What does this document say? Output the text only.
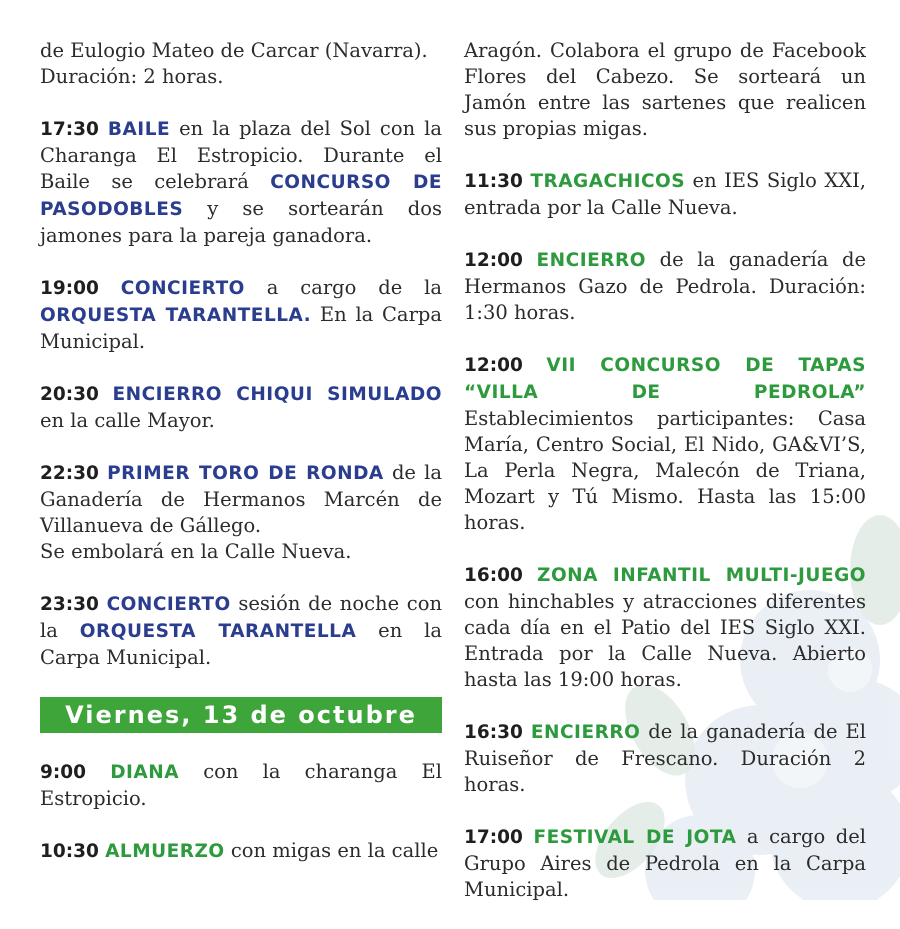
de Eulogio Mateo de Carcar (Navarra).
Duración: 2 horas.
17:30 BAILE en la plaza del Sol con la Charanga El Estropicio. Durante el Baile se celebrará CONCURSO DE PASODOBLES y se sortearán dos jamones para la pareja ganadora.
19:00 CONCIERTO a cargo de la ORQUESTA TARANTELLA. En la Carpa Municipal.
20:30 ENCIERRO CHIQUI SIMULADO en la calle Mayor.
22:30 PRIMER TORO DE RONDA de la Ganadería de Hermanos Marcén de Villanueva de Gállego.
Se embolará en la Calle Nueva.
23:30 CONCIERTO sesión de noche con la ORQUESTA TARANTELLA en la Carpa Municipal.
Viernes, 13 de octubre
9:00 DIANA con la charanga El Estropicio.
10:30 ALMUERZO con migas en la calle
Aragón. Colabora el grupo de Facebook Flores del Cabezo. Se sorteará un Jamón entre las sartenes que realicen sus propias migas.
11:30 TRAGACHICOS en IES Siglo XXI, entrada por la Calle Nueva.
12:00 ENCIERRO de la ganadería de Hermanos Gazo de Pedrola. Duración: 1:30 horas.
12:00 VII CONCURSO DE TAPAS “VILLA DE PEDROLA” Establecimientos participantes: Casa María, Centro Social, El Nido, GA&VI’S, La Perla Negra, Malecón de Triana, Mozart y Tú Mismo. Hasta las 15:00 horas.
16:00 ZONA INFANTIL MULTI-JUEGO con hinchables y atracciones diferentes cada día en el Patio del IES Siglo XXI. Entrada por la Calle Nueva. Abierto hasta las 19:00 horas.
16:30 ENCIERRO de la ganadería de El Ruiseñor de Frescano. Duración 2 horas.
17:00 FESTIVAL DE JOTA a cargo del Grupo Aires de Pedrola en la Carpa Municipal.
